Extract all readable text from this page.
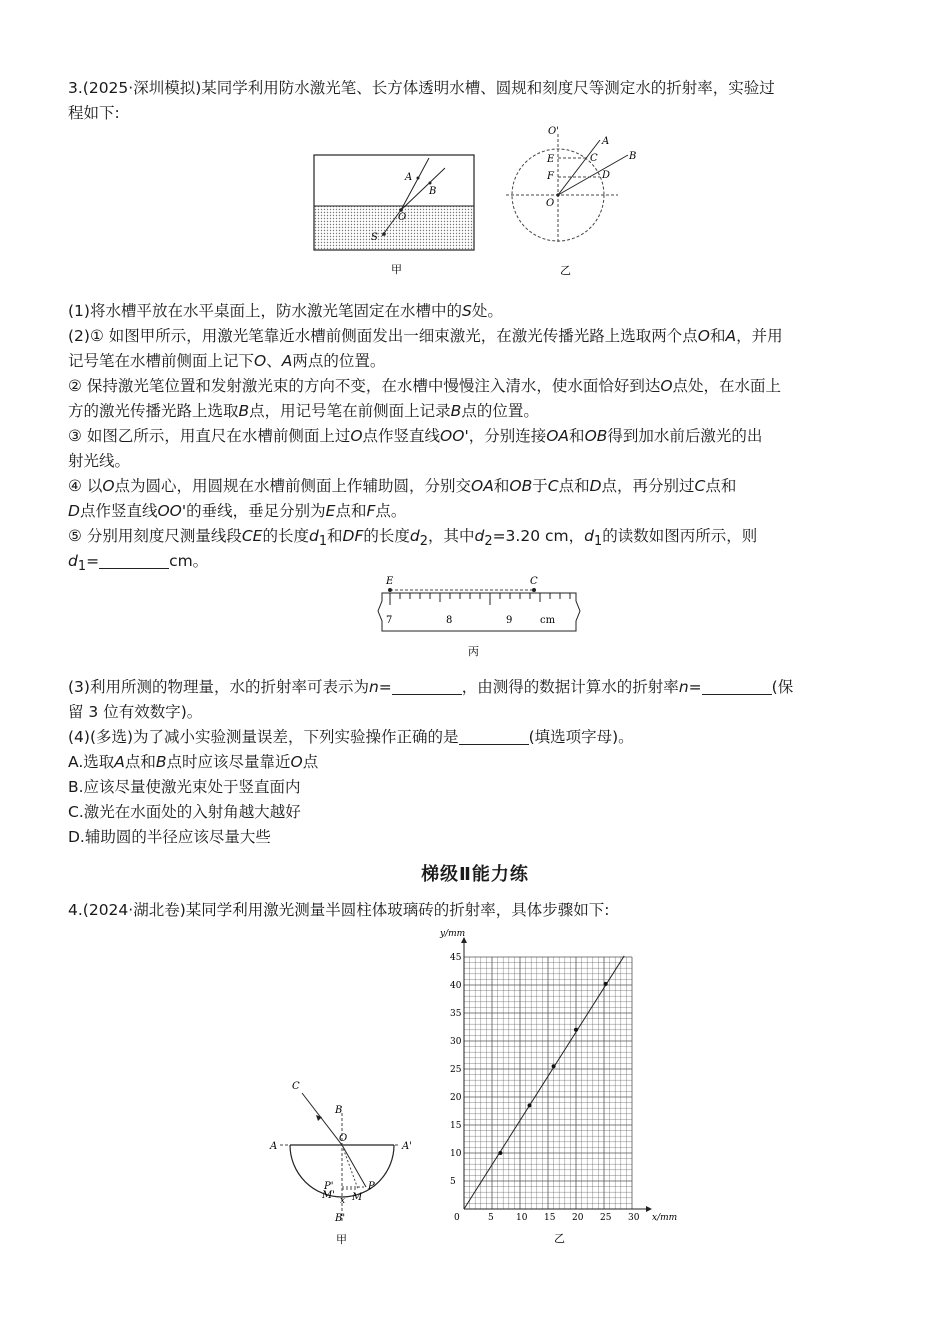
3.(2025·深圳模拟)某同学利用防水激光笔、长方体透明水槽、圆规和刻度尺等测定水的折射率，实验过
程如下:
A
B
O
S
甲
O'
A
C	B
E
F	D
O
乙
(1)将水槽平放在水平桌面上，防水激光笔固定在水槽中的S处。
(2)① 如图甲所示，用激光笔靠近水槽前侧面发出一细束激光，在激光传播光路上选取两个点O和A，并用
记号笔在水槽前侧面上记下O、A两点的位置。
② 保持激光笔位置和发射激光束的方向不变，在水槽中慢慢注入清水，使水面恰好到达O点处，在水面上
方的激光传播光路上选取B点，用记号笔在前侧面上记录B点的位置。
③ 如图乙所示，用直尺在水槽前侧面上过O点作竖直线OO'，分别连接OA和OB得到加水前后激光的出
射光线。
④ 以O点为圆心，用圆规在水槽前侧面上作辅助圆，分别交OA和OB于C点和D点，再分别过C点和
D点作竖直线OO'的垂线，垂足分别为E点和F点。
⑤ 分别用刻度尺测量线段CE的长度$d_1$和DF的长度$d_2$，其中$d_2=3.20$ cm，$d_1$的读数如图丙所示，则
$d_1=$	cm。
E	C
7	8	9	cm
丙
(3)利用所测的物理量，水的折射率可表示为n=	，由测得的数据计算水的折射率n=	(保
留 3 位有效数字)。
(4)(多选)为了减小实验测量误差，下列实验操作正确的是	(填选项字母)。
A.选取A点和B点时应该尽量靠近O点
B.应该尽量使激光束处于竖直面内
C.激光在水面处的入射角越大越好
D.辅助圆的半径应该尽量大些
梯级Ⅱ能力练
4.(2024·湖北卷)某同学利用激光测量半圆柱体玻璃砖的折射率，具体步骤如下:
C
B
O
A	A'
P'
M' M
P
x
B'
甲
0	5 10 15 20 25 30
5
10
15
20
25
30
35
40
45
x/mm
y/mm
乙
